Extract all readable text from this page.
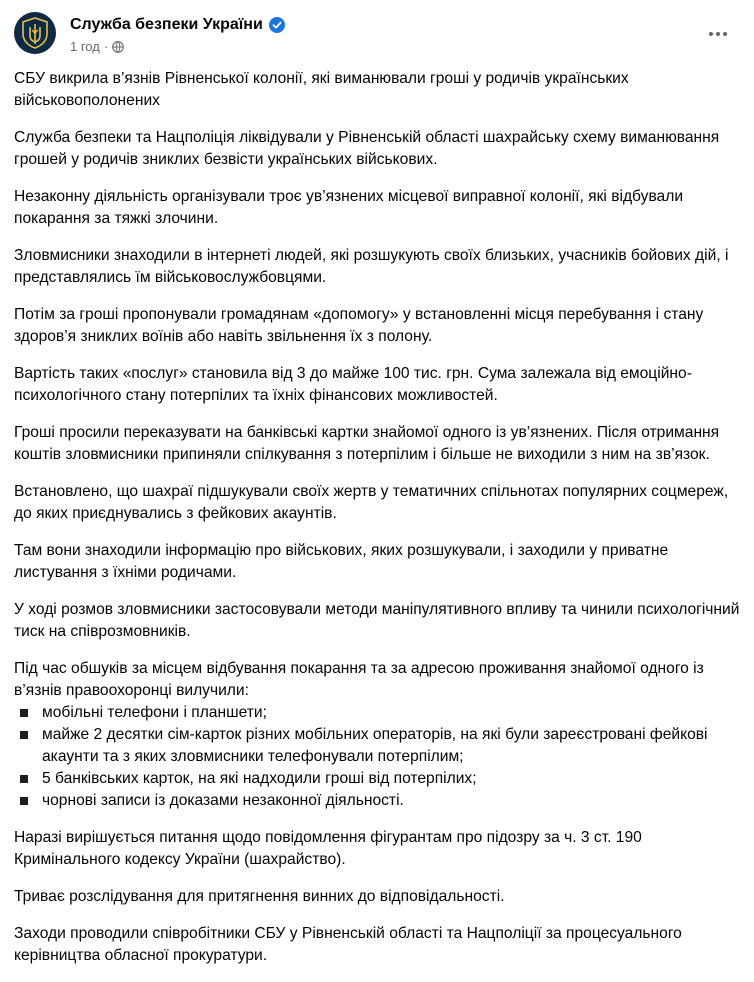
Служба безпеки України
1 год ·

СБУ викрила в’язнів Рівненської колонії, які виманювали гроші у родичів українських військовополонених

Служба безпеки та Нацполіція ліквідували у Рівненській області шахрайську схему виманювання грошей у родичів зниклих безвісти українських військових.

Незаконну діяльність організували троє ув’язнених місцевої виправної колонії, які відбували покарання за тяжкі злочини.

Зловмисники знаходили в інтернеті людей, які розшукують своїх близьких, учасників бойових дій, і представлялись їм військовослужбовцями.

Потім за гроші пропонували громадянам «допомогу» у встановленні місця перебування і стану здоров’я зниклих воїнів або навіть звільнення їх з полону.

Вартість таких «послуг» становила від 3 до майже 100 тис. грн. Сума залежала від емоційно-психологічного стану потерпілих та їхніх фінансових можливостей.

Гроші просили переказувати на банківські картки знайомої одного із ув’язнених. Після отримання коштів зловмисники припиняли спілкування з потерпілим і більше не виходили з ним на зв’язок.

Встановлено, що шахраї підшукували своїх жертв у тематичних спільнотах популярних соцмереж, до яких приєднувались з фейкових акаунтів.

Там вони знаходили інформацію про військових, яких розшукували, і заходили у приватне листування з їхніми родичами.

У ході розмов зловмисники застосовували методи маніпулятивного впливу та чинили психологічний тиск на співрозмовників.

Під час обшуків за місцем відбування покарання та за адресою проживання знайомої одного із в’язнів правоохоронці вилучили:

мобільні телефони і планшети;
майже 2 десятки сім-карток різних мобільних операторів, на які були зареєстровані фейкові акаунти та з яких зловмисники телефонували потерпілим;
5 банківських карток, на які надходили гроші від потерпілих;
чорнові записи із доказами незаконної діяльності.

Наразі вирішується питання щодо повідомлення фігурантам про підозру за ч. 3 ст. 190 Кримінального кодексу України (шахрайство).

Триває розслідування для притягнення винних до відповідальності.

Заходи проводили співробітники СБУ у Рівненській області та Нацполіції за процесуального керівництва обласної прокуратури.
